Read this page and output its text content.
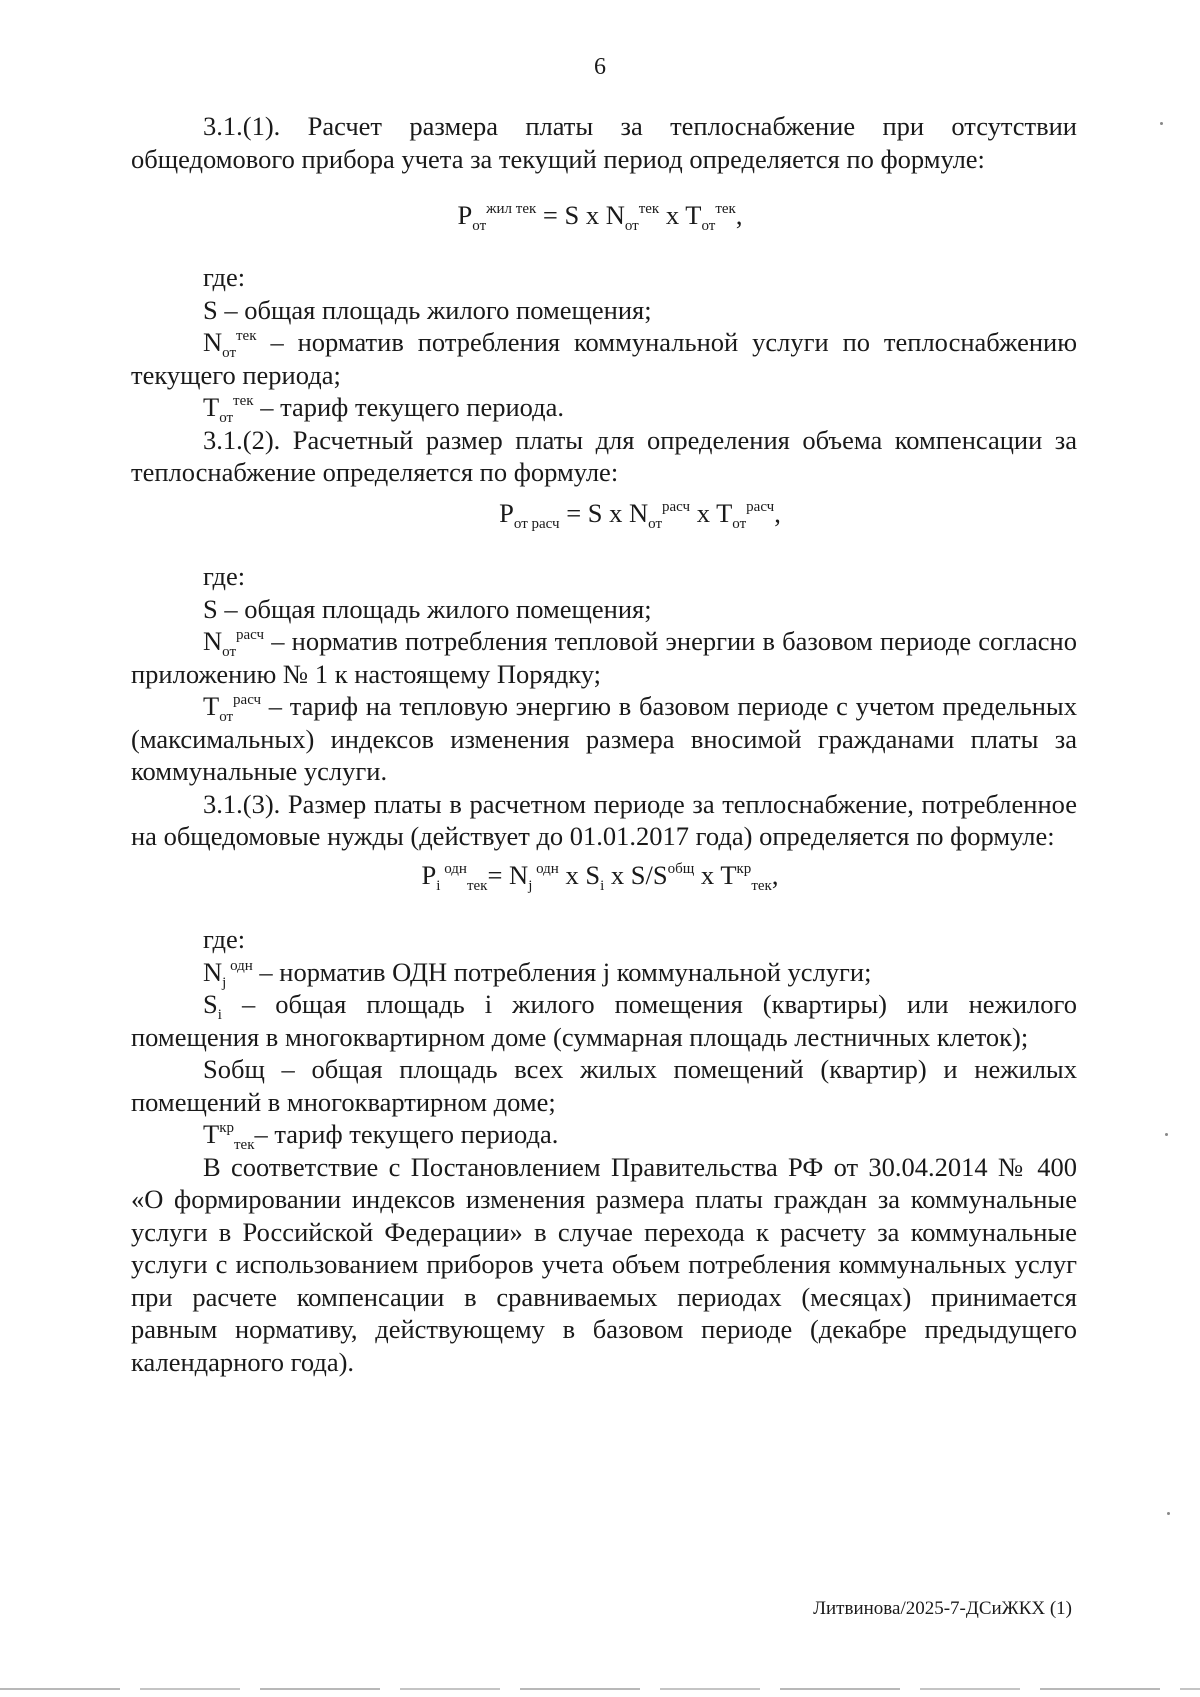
6

3.1.(1). Расчет размера платы за теплоснабжение при отсутствии общедомового прибора учета за текущий период определяется по формуле:

$P_{от}^{жил тек} = S$ x $N_{от}^{тек}$ x $T_{от}^{тек}$,

где:

S – общая площадь жилого помещения;

$N_{от}^{тек}$ – норматив потребления коммунальной услуги по теплоснабжению текущего периода;

$T_{от}^{тек}$ – тариф текущего периода.

3.1.(2). Расчетный размер платы для определения объема компенсации за теплоснабжение определяется по формуле:

$P_{от расч} = S$ x $N_{от}^{расч}$ x $T_{от}^{расч}$,

где:

S – общая площадь жилого помещения;

$N_{от}^{расч}$ – норматив потребления тепловой энергии в базовом периоде согласно приложению № 1 к настоящему Порядку;

$T_{от}^{расч}$ – тариф на тепловую энергию в базовом периоде с учетом предельных (максимальных) индексов изменения размера вносимой гражданами платы за коммунальные услуги.

3.1.(3). Размер платы в расчетном периоде за теплоснабжение, потребленное на общедомовые нужды (действует до 01.01.2017 года) определяется по формуле:

$P_i$ $^{одн}_{тек}= N_j$ $^{одн}$ x $S_i$ x $S/S^{общ}$ x $T^{кр}_{тек}$,

где:

$N_j$ $^{одн}$ – норматив ОДН потребления j коммунальной услуги;

$S_i$ – общая площадь i жилого помещения (квартиры) или нежилого помещения в многоквартирном доме (суммарная площадь лестничных клеток);

Sобщ – общая площадь всех жилых помещений (квартир) и нежилых помещений в многоквартирном доме;

$T^{кр}_{тек}-$ тариф текущего периода.

В соответствие с Постановлением Правительства РФ от 30.04.2014 № 400 «О формировании индексов изменения размера платы граждан за коммунальные услуги в Российской Федерации» в случае перехода к расчету за коммунальные услуги с использованием приборов учета объем потребления коммунальных услуг при расчете компенсации в сравниваемых периодах (месяцах) принимается равным нормативу, действующему в базовом периоде (декабре предыдущего календарного года).

Литвинова/2025-7-ДСиЖКХ (1)
